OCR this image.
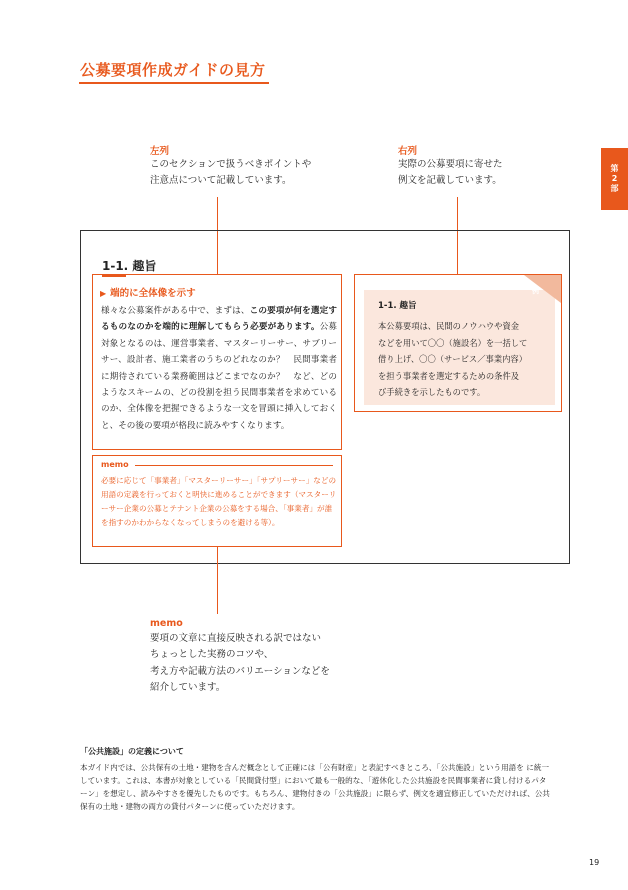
公募要項作成ガイドの見方
第
2
部
左列
このセクションで扱うべきポイントや
注意点について記載しています。
右列
実際の公募要項に寄せた
例文を記載しています。
1-1. 趣旨
▶ 端的に全体像を示す
様々な公募案件がある中で、まずは、この要項が何を選定するものなのかを端的に理解してもらう必要があります。公募対象となるのは、運営事業者、マスターリーサー、サブリーサー、設計者、施工業者のうちのどれなのか？　民間事業者に期待されている業務範囲はどこまでなのか？　など、どのようなスキームの、どの役割を担う民間事業者を求めているのか、全体像を把握できるような一文を冒頭に挿入しておくと、その後の要項が格段に読みやすくなります。
memo
必要に応じて「事業者」「マスターリーサー」「サプリーサー」などの用語の定義を行っておくと明快に進めることができます（マスターリーサー企業の公募とテナント企業の公募をする場合、「事業者」が誰を指すのかわからなくなってしまうのを避ける等）。
例
1-1. 趣旨
本公募要項は、民間のノウハウや資金
などを用いて〇〇（施設名）を一括して
借り上げ、〇〇（サービス／事業内容）
を担う事業者を選定するための条件及
び手続きを示したものです。
memo
要項の文章に直接反映される訳ではない
ちょっとした実務のコツや、
考え方や記載方法のバリエーションなどを
紹介しています。
「公共施設」の定義について
本ガイド内では、公共保有の土地・建物を含んだ概念として正確には「公有財産」と表記すべきところ、「公共施設」という用語を に統一しています。これは、本書が対象としている「民間貸付型」において最も一般的な、「遊休化した公共施設を民間事業者に貸し付けるパターン」を想定し、読みやすさを優先したものです。もちろん、建物付きの「公共施設」に限らず、例文を適宜修正していただければ、公共保有の土地・建物の両方の貸付パターンに使っていただけます。
19
